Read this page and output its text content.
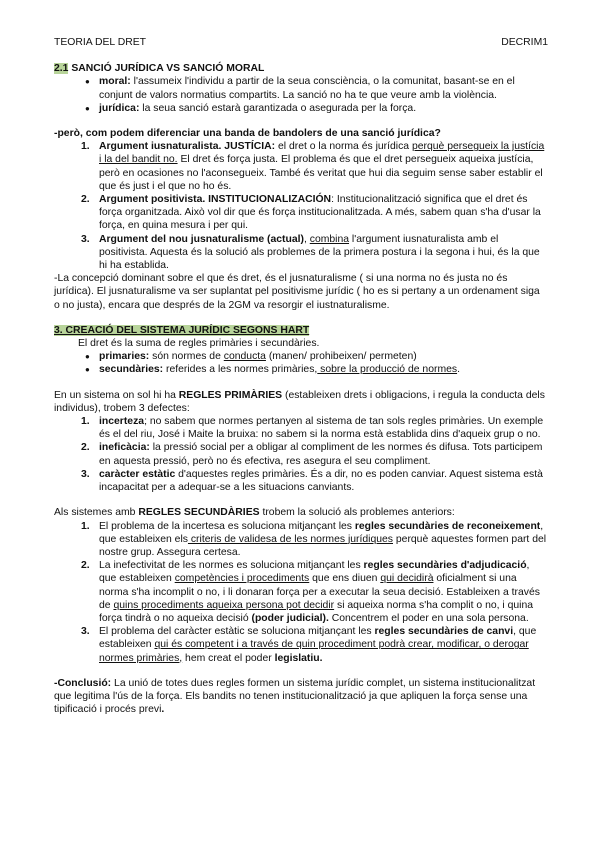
TEORIA DEL DRET	DECRIM1
2.1 SANCIÓ JURÍDICA VS SANCIÓ MORAL
● moral: l'assumeix l'individu a partir de la seua consciència, o la comunitat, basant-se en el conjunt de valors normatius compartits. La sanció no ha te que veure amb la violència.
● jurídica: la seua sanció estarà garantizada o asegurada per la força.
-però, com podem diferenciar una banda de bandolers de una sanció jurídica?
1. Argument iusnaturalista. JUSTÍCIA: el dret o la norma és jurídica perquè persegueix la justícia i la del bandit no. El dret és força justa. El problema és que el dret persegueix aqueixa justícia, però en ocasiones no l'aconsegueix. També és veritat que hui dia seguim sense saber establir el que és just i el que no ho és.
2. Argument positivista. INSTITUCIONALIZACIÓN: Institucionalització significa que el dret és força organitzada. Això vol dir que és força institucionalitzada. A més, sabem quan s'ha d'usar la força, en quina mesura i per qui.
3. Argument del nou jusnaturalisme (actual), combina l'argument iusnaturalista amb el positivista. Aquesta és la solució als problemes de la primera postura i la segona i hui, és la que hi ha establida.
-La concepció dominant sobre el que és dret, és el jusnaturalisme ( si una norma no és justa no és jurídica). El jusnaturalisme va ser suplantat pel positivisme jurídic ( ho es si pertany a un ordenament siga o no justa), encara que després de la 2GM va resorgir el iustnaturalisme.
3. CREACIÓ DEL SISTEMA JURÍDIC SEGONS HART
El dret és la suma de regles primàries i secundàries.
● primaries: són normes de conducta (manen/ prohibeixen/ permeten)
● secundàries: referides a les normes primàries, sobre la producció de normes.
En un sistema on sol hi ha REGLES PRIMÀRIES (estableixen drets i obligacions, i regula la conducta dels individus), trobem 3 defectes:
1. incerteza; no sabem que normes pertanyen al sistema de tan sols regles primàries. Un exemple és el del riu, José i Maite la bruixa: no sabem si la norma està establida dins d'aqueix grup o no.
2. ineficàcia: la pressió social per a obligar al compliment de les normes és difusa. Tots participem en aquesta pressió, però no és efectiva, res asegura el seu compliment.
3. caràcter estàtic d'aquestes regles primàries. És a dir, no es poden canviar. Aquest sistema està incapacitat per a adequar-se a les situacions canviants.
Als sistemes amb REGLES SECUNDÀRIES trobem la solució als problemes anteriors:
1. El problema de la incertesa es soluciona mitjançant les regles secundàries de reconeixement, que estableixen els criteris de validesa de les normes jurídiques perquè aquestes formen part del nostre grup. Assegura certesa.
2. La inefectivitat de les normes es soluciona mitjançant les regles secundàries d'adjudicació, que estableixen competències i procediments que ens diuen qui decidirà oficialment si una norma s'ha incomplit o no, i li donaran força per a executar la seua decisió. Estableixen a través de quins procediments aqueixa persona pot decidir si aqueixa norma s'ha complit o no, i quina força tindrà o no aqueixa decisió (poder judicial). Concentrem el poder en una sola persona.
3. El problema del caràcter estàtic se soluciona mitjançant les regles secundàries de canvi, que estableixen qui és competent i a través de quin procediment podrà crear, modificar, o derogar normes primàries, hem creat el poder legislatiu.
-Conclusió: La unió de totes dues regles formen un sistema jurídic complet, un sistema institucionalitzat que legitima l'ús de la força. Els bandits no tenen institucionalització ja que apliquen la força sense una tipificació i procés previ.
